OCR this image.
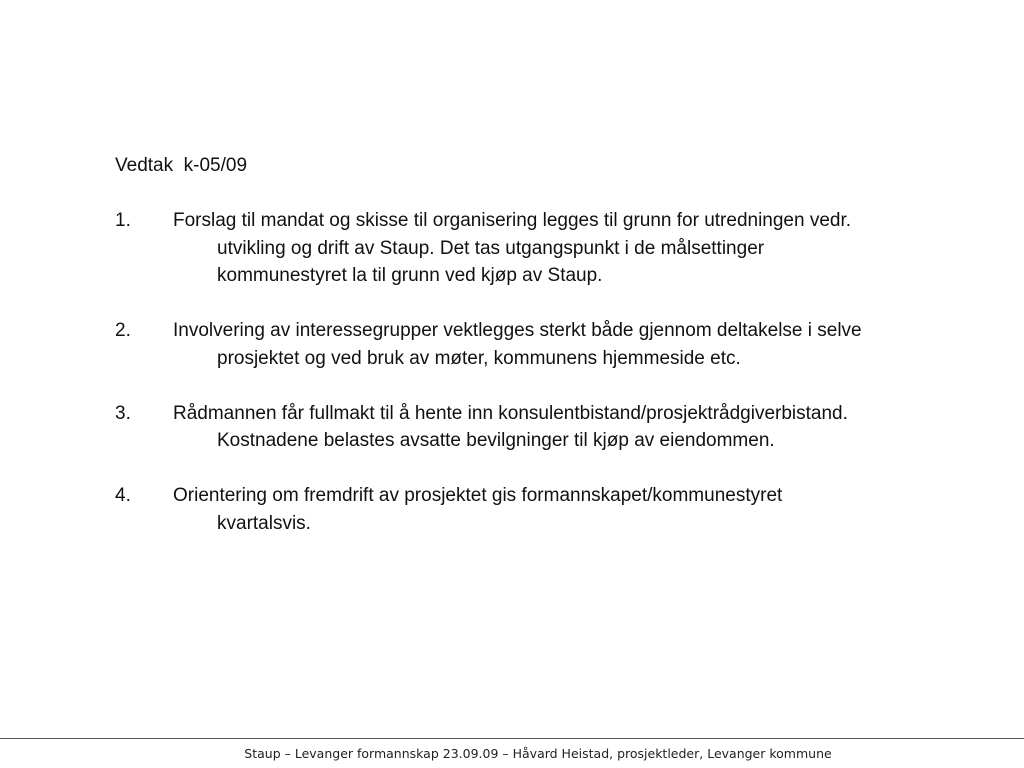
Vedtak  k-05/09
1.	Forslag til mandat og skisse til organisering legges til grunn for utredningen vedr.
utvikling og drift av Staup. Det tas utgangspunkt i de målsettinger
kommunestyret la til grunn ved kjøp av Staup.
2.	Involvering av interessegrupper vektlegges sterkt både gjennom deltakelse i selve
prosjektet og ved bruk av møter, kommunens hjemmeside etc.
3.	Rådmannen får fullmakt til å hente inn konsulentbistand/prosjektrådgiverbistand.
Kostnadene belastes avsatte bevilgninger til kjøp av eiendommen.
4.	Orientering om fremdrift av prosjektet gis formannskapet/kommunestyret
kvartalsvis.
Staup – Levanger formannskap 23.09.09 – Håvard Heistad, prosjektleder, Levanger kommune
